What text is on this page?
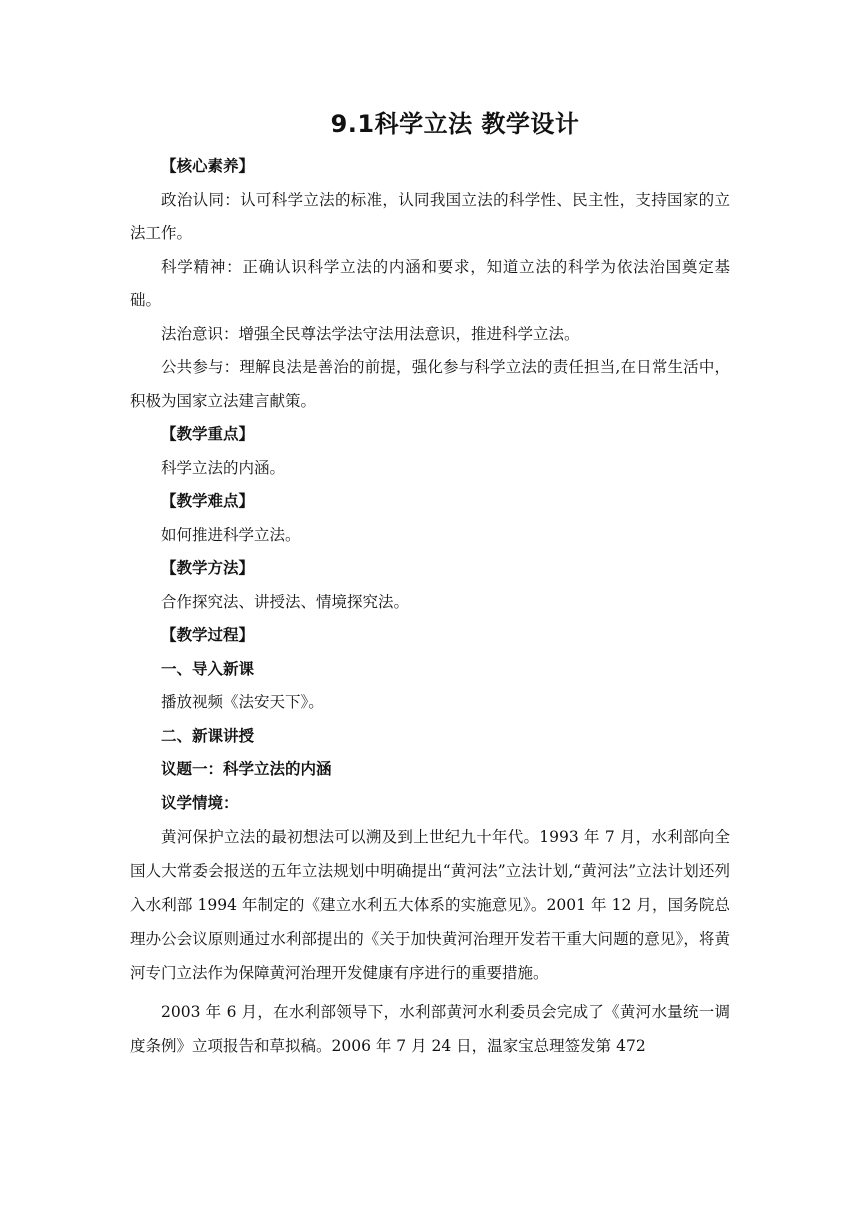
9.1科学立法 教学设计

【核心素养】

政治认同：认可科学立法的标准，认同我国立法的科学性、民主性，支持国家的立法工作。

科学精神：正确认识科学立法的内涵和要求，知道立法的科学为依法治国奠定基础。

法治意识：增强全民尊法学法守法用法意识，推进科学立法。

公共参与：理解良法是善治的前提，强化参与科学立法的责任担当,在日常生活中，积极为国家立法建言献策。

【教学重点】

科学立法的内涵。

【教学难点】

如何推进科学立法。

【教学方法】

合作探究法、讲授法、情境探究法。

【教学过程】

一、导入新课

播放视频《法安天下》。

二、新课讲授

议题一：科学立法的内涵

议学情境：

黄河保护立法的最初想法可以溯及到上世纪九十年代。1993 年 7 月，水利部向全国人大常委会报送的五年立法规划中明确提出“黄河法”立法计划,“黄河法”立法计划还列入水利部 1994 年制定的《建立水利五大体系的实施意见》。2001 年 12 月，国务院总理办公会议原则通过水利部提出的《关于加快黄河治理开发若干重大问题的意见》，将黄河专门立法作为保障黄河治理开发健康有序进行的重要措施。

2003 年 6 月，在水利部领导下，水利部黄河水利委员会完成了《黄河水量统一调度条例》立项报告和草拟稿。2006 年 7 月 24 日，温家宝总理签发第 472
